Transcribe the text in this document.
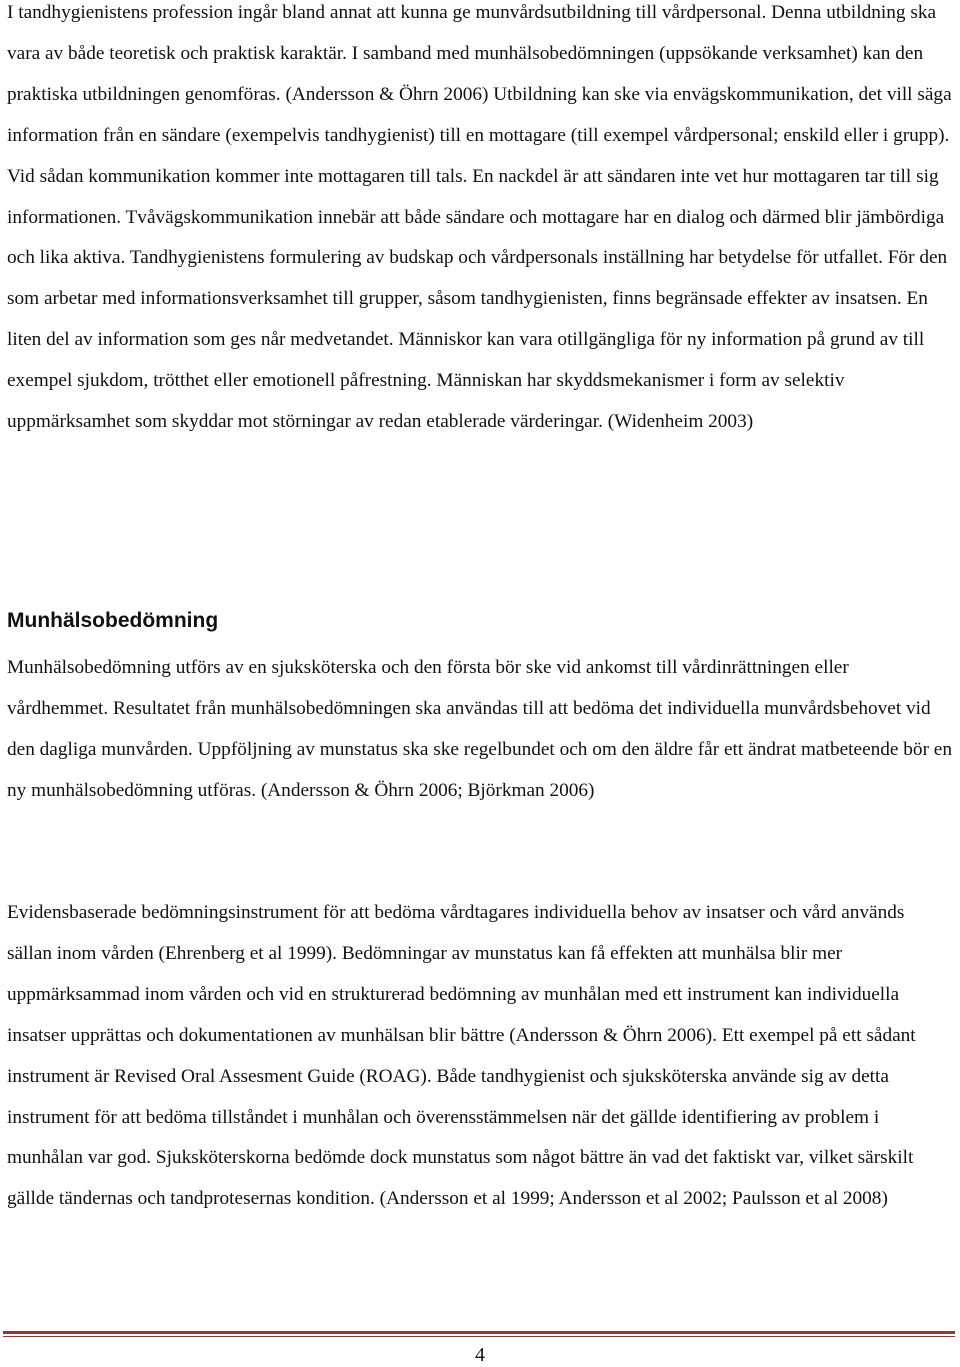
I tandhygienistens profession ingår bland annat att kunna ge munvårdsutbildning till vårdpersonal. Denna utbildning ska vara av både teoretisk och praktisk karaktär. I samband med munhälsobedömningen (uppsökande verksamhet) kan den praktiska utbildningen genomföras. (Andersson & Öhrn 2006) Utbildning kan ske via envägskommunikation, det vill säga information från en sändare (exempelvis tandhygienist) till en mottagare (till exempel vårdpersonal; enskild eller i grupp). Vid sådan kommunikation kommer inte mottagaren till tals. En nackdel är att sändaren inte vet hur mottagaren tar till sig informationen. Tvåvägskommunikation innebär att både sändare och mottagare har en dialog och därmed blir jämbördiga och lika aktiva. Tandhygienistens formulering av budskap och vårdpersonals inställning har betydelse för utfallet. För den som arbetar med informationsverksamhet till grupper, såsom tandhygienisten, finns begränsade effekter av insatsen. En liten del av information som ges når medvetandet. Människor kan vara otillgängliga för ny information på grund av till exempel sjukdom, trötthet eller emotionell påfrestning. Människan har skyddsmekanismer i form av selektiv uppmärksamhet som skyddar mot störningar av redan etablerade värderingar. (Widenheim 2003)

Munhälsobedömning

Munhälsobedömning utförs av en sjuksköterska och den första bör ske vid ankomst till vårdinrättningen eller vårdhemmet. Resultatet från munhälsobedömningen ska användas till att bedöma det individuella munvårdsbehovet vid den dagliga munvården. Uppföljning av munstatus ska ske regelbundet och om den äldre får ett ändrat matbeteende bör en ny munhälsobedömning utföras. (Andersson & Öhrn 2006; Björkman 2006)

Evidensbaserade bedömningsinstrument för att bedöma vårdtagares individuella behov av insatser och vård används sällan inom vården (Ehrenberg et al 1999). Bedömningar av munstatus kan få effekten att munhälsa blir mer uppmärksammad inom vården och vid en strukturerad bedömning av munhålan med ett instrument kan individuella insatser upprättas och dokumentationen av munhälsan blir bättre (Andersson & Öhrn 2006). Ett exempel på ett sådant instrument är Revised Oral Assesment Guide (ROAG). Både tandhygienist och sjuksköterska använde sig av detta instrument för att bedöma tillståndet i munhålan och överensstämmelsen när det gällde identifiering av problem i munhålan var god. Sjuksköterskorna bedömde dock munstatus som något bättre än vad det faktiskt var, vilket särskilt gällde tändernas och tandprotesernas kondition. (Andersson et al 1999; Andersson et al 2002; Paulsson et al 2008)

4
